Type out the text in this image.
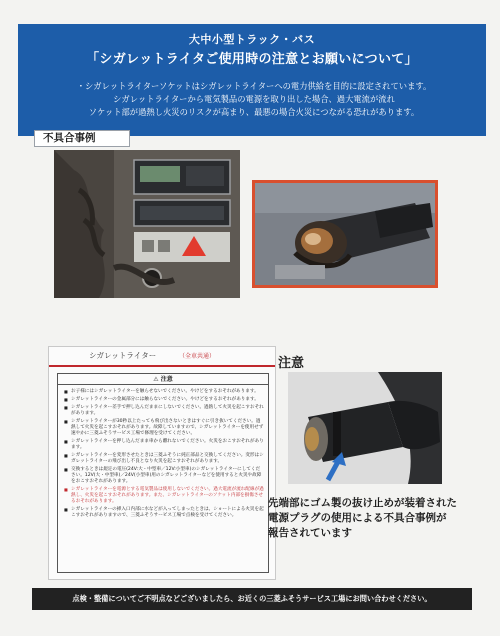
大中小型トラック・バス
「シガレットライタご使用時の注意とお願いについて」
・シガレットライターソケットはシガレットライターへの電力供給を目的に設定されています。
シガレットライターから電気製品の電源を取り出した場合、過大電流が流れ
ソケット部が過熱し火災のリスクが高まり、最悪の場合火災につながる恐れがあります。
不具合事例
シガレットライター	（全車共通）
⚠ 注意
■ お子様にはシガレットライターを触らせないでください。やけどをするおそれがあります。
■ シガレットライターの金属部分には触らないでください。やけどをするおそれがあります。
■ シガレットライター差手で押し込んだままにしないでください。過熱して火災を起こすおそれがあります。
■ シガレットライターが30秒以上たっても飛び出さないときはすぐに引き抜いてください。過熱して火災を起こすおそれがあります。故障していますので、シガレットライターを使用せず速やかに三菱ふそうサービス工場で修理を受けてください。
■ シガレットライターを押し込んだまま車から離れないでください。火災をおこすおそれがあります。
■ シガレットライターを変形させたときは三菱ふそうに純正部品と交換してください。変形はシガレットライターの飛び出し不良となり火災を起こすおそれがあります。
■ 交換するときは規定の電圧(24V:大・中型車／12V:小型車)のシガレットライターにしてください。12V(大・中型車)／24V(小型車)用のシガレットライターなどを使用すると火災や故障をおこすおそれがあります。
■ シガレットライターを電源とする電気製品は使用しないでください。過大電流が流れ配線が過熱し、火災を起こすおそれがあります。また、シガレットライターのソケット内部を損傷させるおそれがあります。
■ シガレットライターの挿入口内部に水などが入ってしまったときは、ショートによる火災を起こすおそれがありますので、三菱ふそうサービス工場で点検を受けてください。
注意
先端部にゴム製の抜け止めが装着された
電源プラグの使用による不具合事例が
報告されています
点検・整備についてご不明点などございましたら、お近くの三菱ふそうサービス工場にお問い合わせください。
